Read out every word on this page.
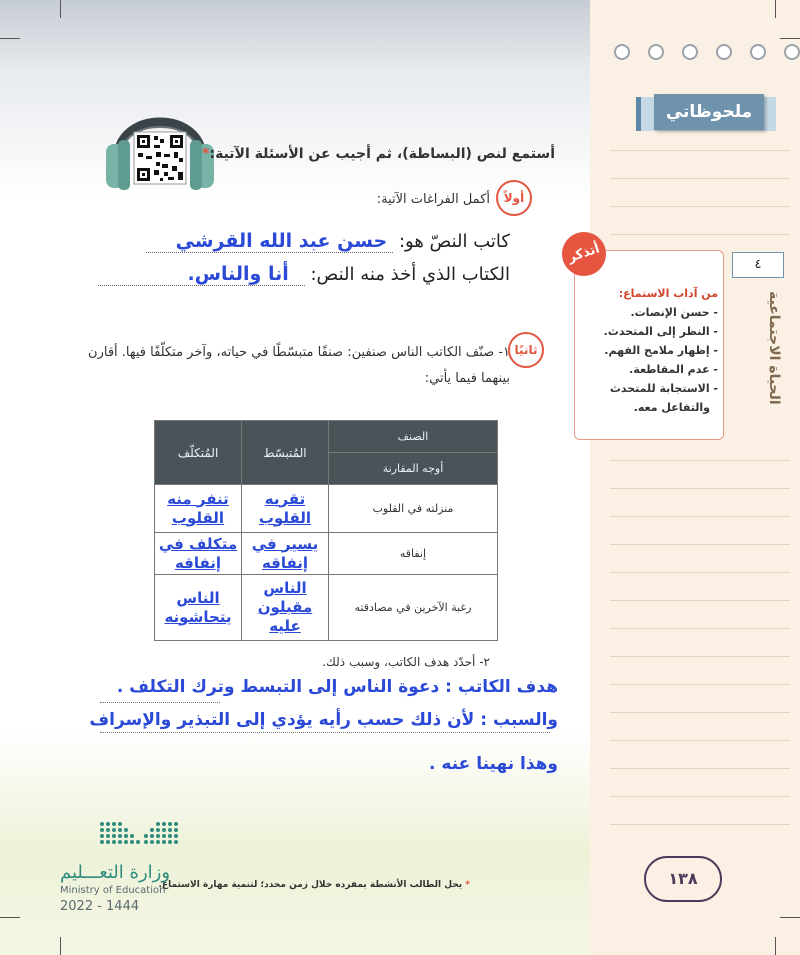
ملحوظاتي
٤
الحياة الاجتماعية
أتذكر
من آداب الاستماع:
- حسن الإنصات.
- النظر إلى المتحدث.
- إظهار ملامح الفهم.
- عدم المقاطعة.
- الاستجابة للمتحدث
والتفاعل معه.
أستمع لنص (البساطة)، ثم أجيب عن الأسئلة الآتية:*
أولاً
أكمل الفراغات الآتية:
كاتب النصّ هو: حسن عبد الله القرشي
الكتاب الذي أخذ منه النص: أنا والناس.
ثانيًا
١- صنّف الكاتب الناس صنفين: صنفًا متبسّطًا في حياته، وآخر متكلّفًا فيها. أقارن بينهما فيما يأتي:
الصنف	المُتبسّط	المُتكلّف
أوجه المقارنة		
منزلته في القلوب	تقربه القلوب	تنفر منه القلوب
إنفاقه	يسير في إنفاقه	متكلف في إنفاقه
رغبة الآخرين في مصادقته	الناس مقبلون عليه	الناس يتحاشونه
٢- أحدّد هدف الكاتب، وسبب ذلك.
هدف الكاتب : دعوة الناس إلى التبسط وترك التكلف .
والسبب : لأن ذلك حسب رأيه يؤدي إلى التبذير والإسراف
وهذا نهينا عنه .
وزارة التعـــليم
Ministry of Education
2022 - 1444
* يحل الطالب الأنشطة بمفرده خلال زمن محدد؛ لتنمية مهارة الاستماع.	١٣٨
